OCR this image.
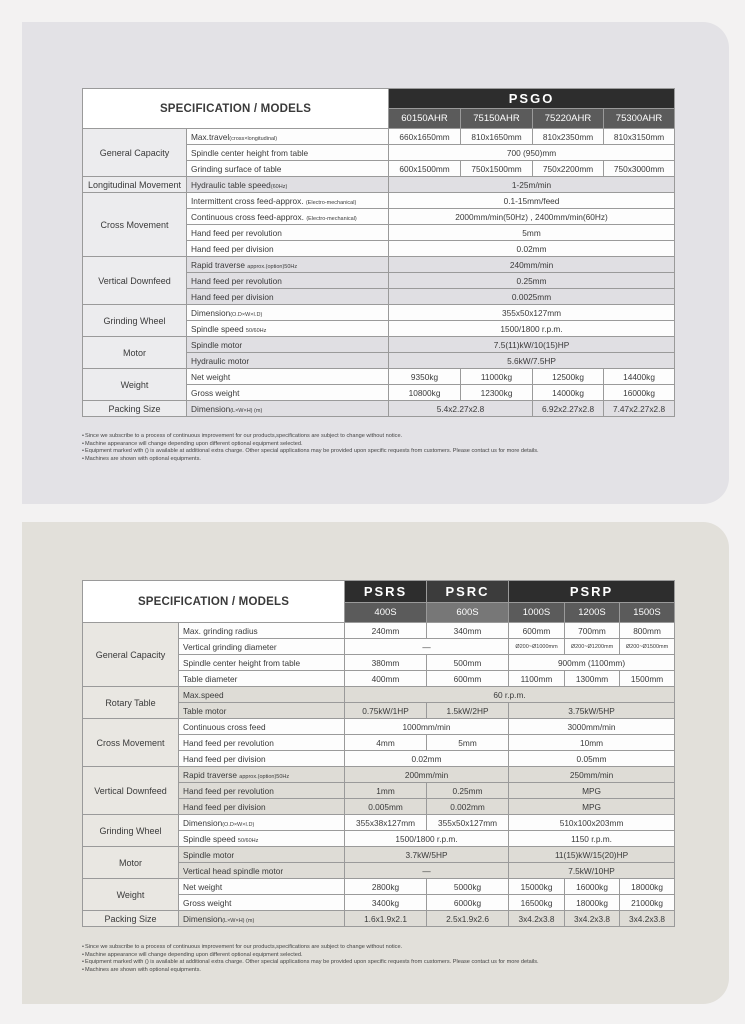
SPECIFICATION / MODELS		PSGO			
		60150AHR	75150AHR	75220AHR	75300AHR
General Capacity	Max.travel(cross×longitudinal)	660x1650mm	810x1650mm	810x2350mm	810x3150mm
	Spindle center height from table	700 (950)mm			
	Grinding surface of table	600x1500mm	750x1500mm	750x2200mm	750x3000mm
Longitudinal Movement	Hydraulic table speed(60Hz)	1-25m/min			
Cross Movement	Intermittent cross feed-approx. (Electro-mechanical)	0.1-15mm/feed			
	Continuous cross feed-approx. (Electro-mechanical)	2000mm/min(50Hz) , 2400mm/min(60Hz)			
	Hand feed per revolution	5mm			
	Hand feed per division	0.02mm			
Vertical Downfeed	Rapid traverse approx.(option)50Hz	240mm/min			
	Hand feed per revolution	0.25mm			
	Hand feed per division	0.0025mm			
Grinding Wheel	Dimension(O.D×W×I.D)	355x50x127mm			
	Spindle speed 50/60Hz	1500/1800 r.p.m.			
Motor	Spindle motor	7.5(11)kW/10(15)HP			
	Hydraulic motor	5.6kW/7.5HP			
Weight	Net weight	9350kg	11000kg	12500kg	14400kg
	Gross weight	10800kg	12300kg	14000kg	16000kg
Packing Size	Dimension(L×W×H) (m)	5.4x2.27x2.8		6.92x2.27x2.8	7.47x2.27x2.8
• Since we subscribe to a process of continuous improvement for our products,specifications are subject to change without notice.
• Machine appearance will change depending upon different optional equipment selected.
• Equipment marked with () is available at additional extra charge. Other special applications may be provided upon specific requests from customers. Please contact us for more details.
• Machines are shown with optional equipments.
SPECIFICATION / MODELS		PSRS	PSRC	PSRP		
		400S	600S	1000S	1200S	1500S
General Capacity	Max. grinding radius	240mm	340mm	600mm	700mm	800mm
	Vertical grinding diameter	—		Ø200~Ø1000mm	Ø200~Ø1200mm	Ø200~Ø1500mm
	Spindle center height from table	380mm	500mm	900mm (1100mm)		
	Table diameter	400mm	600mm	1100mm	1300mm	1500mm
Rotary Table	Max.speed	60 r.p.m.				
	Table motor	0.75kW/1HP	1.5kW/2HP	3.75kW/5HP		
Cross Movement	Continuous cross feed	1000mm/min		3000mm/min		
	Hand feed per revolution	4mm	5mm	10mm		
	Hand feed per division	0.02mm		0.05mm		
Vertical Downfeed	Rapid traverse approx.(option)50Hz	200mm/min		250mm/min		
	Hand feed per revolution	1mm	0.25mm	MPG		
	Hand feed per division	0.005mm	0.002mm	MPG		
Grinding Wheel	Dimension(O.D×W×I.D)	355x38x127mm	355x50x127mm	510x100x203mm		
	Spindle speed 50/60Hz	1500/1800 r.p.m.		1150 r.p.m.		
Motor	Spindle motor	3.7kW/5HP		11(15)kW/15(20)HP		
	Vertical head spindle motor	—		7.5kW/10HP		
Weight	Net weight	2800kg	5000kg	15000kg	16000kg	18000kg
	Gross weight	3400kg	6000kg	16500kg	18000kg	21000kg
Packing Size	Dimension(L×W×H) (m)	1.6x1.9x2.1	2.5x1.9x2.6	3x4.2x3.8	3x4.2x3.8	3x4.2x3.8
• Since we subscribe to a process of continuous improvement for our products,specifications are subject to change without notice.
• Machine appearance will change depending upon different optional equipment selected.
• Equipment marked with () is available at additional extra charge. Other special applications may be provided upon specific requests from customers. Please contact us for more details.
• Machines are shown with optional equipments.
